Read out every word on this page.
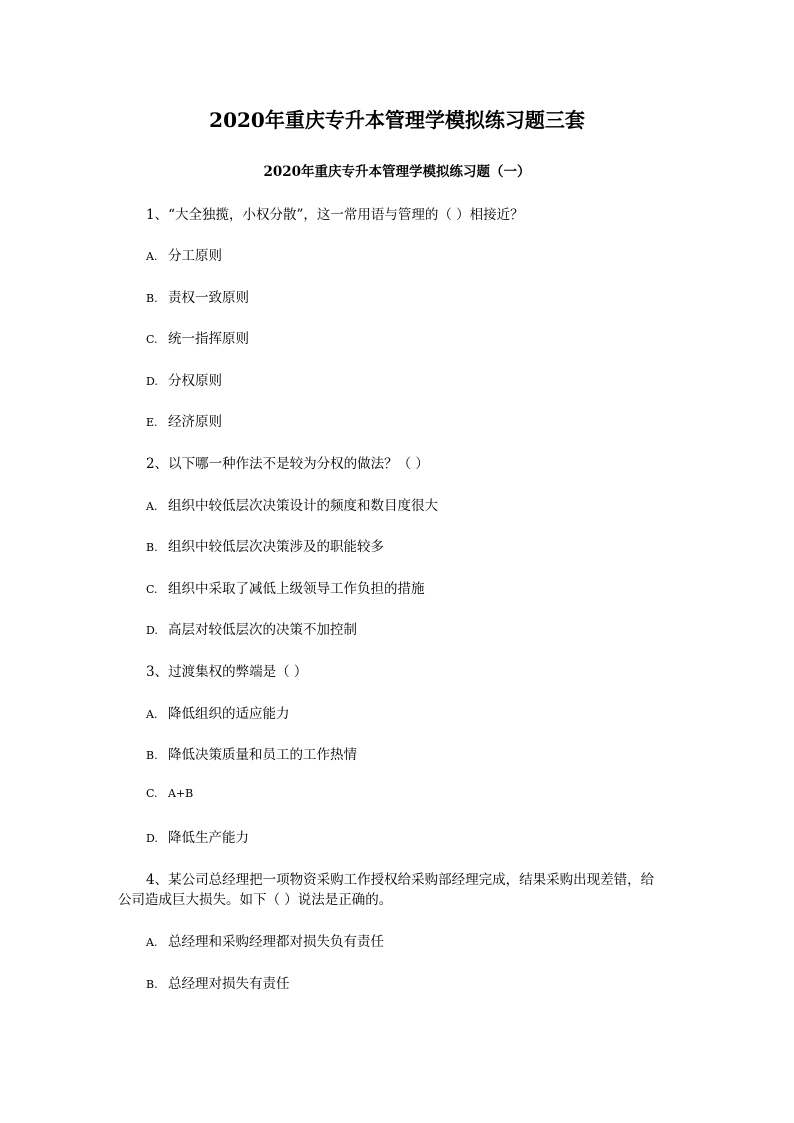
2020年重庆专升本管理学模拟练习题三套
2020年重庆专升本管理学模拟练习题（一）

1、“大全独揽，小权分散”，这一常用语与管理的（ ）相接近？

A. 分工原则

B. 责权一致原则

C. 统一指挥原则

D. 分权原则

E. 经济原则

2、以下哪一种作法不是较为分权的做法？（ ）

A. 组织中较低层次决策设计的频度和数目度很大

B. 组织中较低层次决策涉及的职能较多

C. 组织中采取了减低上级领导工作负担的措施

D. 高层对较低层次的决策不加控制

3、过渡集权的弊端是（ ）

A. 降低组织的适应能力

B. 降低决策质量和员工的工作热情

C. A+B

D. 降低生产能力

4、某公司总经理把一项物资采购工作授权给采购部经理完成，结果采购出现差错，给

公司造成巨大损失。如下（ ）说法是正确的。

A. 总经理和采购经理都对损失负有责任

B. 总经理对损失有责任
